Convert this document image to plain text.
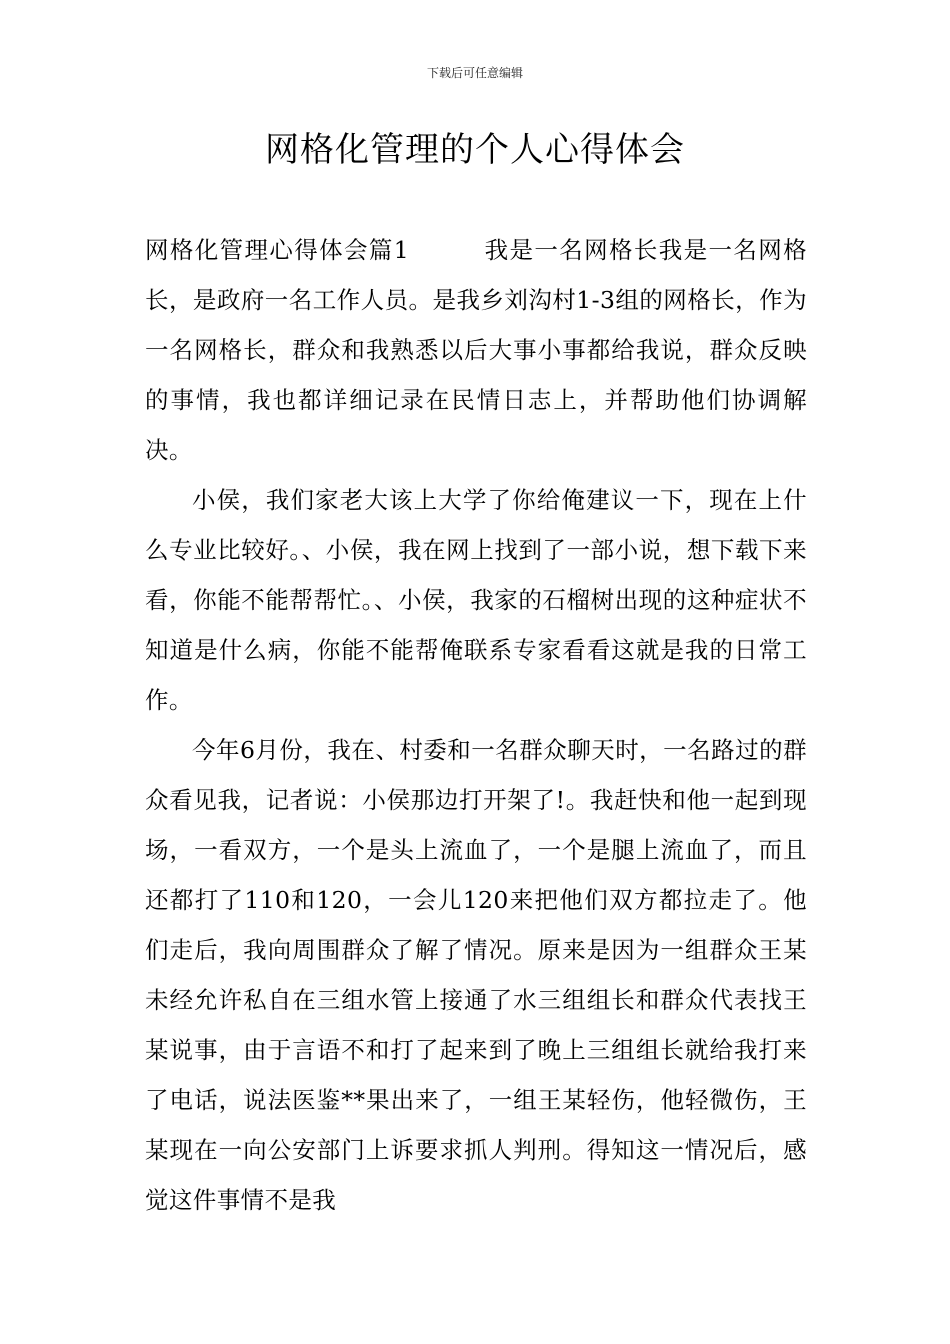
下载后可任意编辑
网格化管理的个人心得体会

网格化管理心得体会篇1　　　	我是一名网格长我是一名网格长，是政府一名工作人员。是我乡刘沟村1-3组的网格长，作为一名网格长，群众和我熟悉以后大事小事都给我说，群众反映的事情，我也都详细记录在民情日志上，并帮助他们协调解决。

小侯，我们家老大该上大学了你给俺建议一下，现在上什么专业比较好。、小侯，我在网上找到了一部小说，想下载下来看，你能不能帮帮忙。、小侯，我家的石榴树出现的这种症状不知道是什么病，你能不能帮俺联系专家看看这就是我的日常工作。

今年6月份，我在、村委和一名群众聊天时，一名路过的群众看见我，记者说：小侯那边打开架了!。我赶快和他一起到现场，一看双方，一个是头上流血了，一个是腿上流血了，而且还都打了110和120，一会儿120来把他们双方都拉走了。他们走后，我向周围群众了解了情况。原来是因为一组群众王某未经允许私自在三组水管上接通了水三组组长和群众代表找王某说事，由于言语不和打了起来到了晚上三组组长就给我打来了电话，说法医鉴**果出来了，一组王某轻伤，他轻微伤，王某现在一向公安部门上诉要求抓人判刑。得知这一情况后，感觉这件事情不是我
